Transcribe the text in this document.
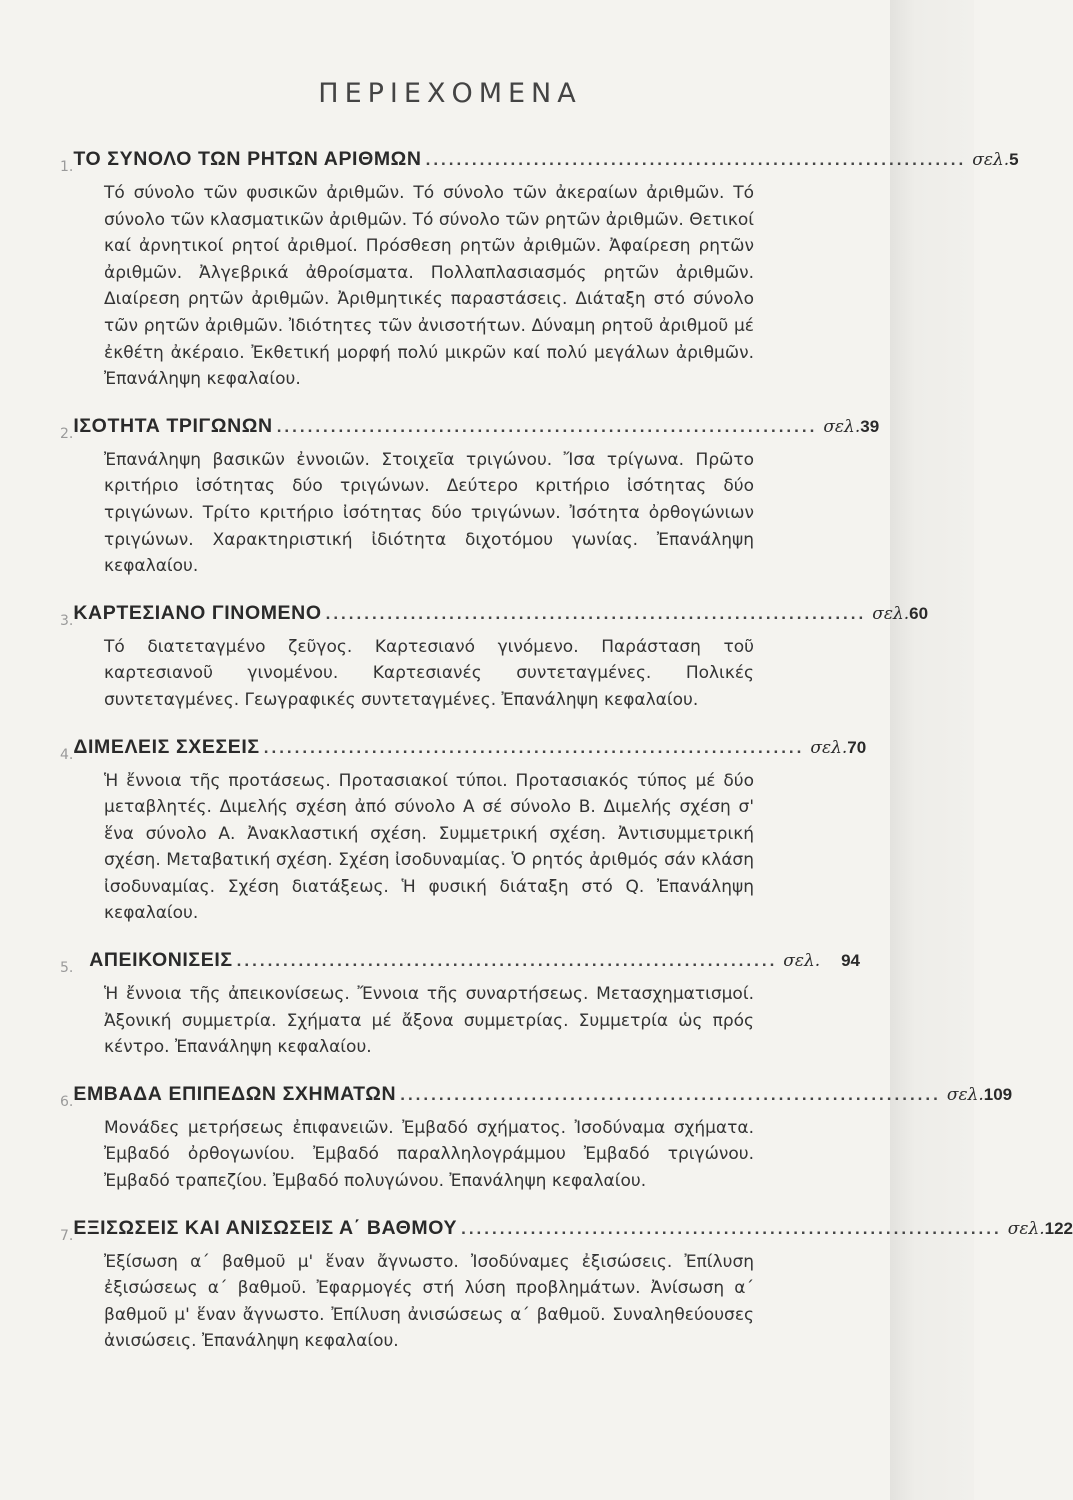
ΠΕΡΙΕΧΟΜΕΝΑ
1. ΤΟ ΣΥΝΟΛΟ ΤΩΝ ΡΗΤΩΝ ΑΡΙΘΜΩΝ ...................................................................... σελ. 5
Τό σύνολο τῶν φυσικῶν ἀριθμῶν. Τό σύνολο τῶν ἀκεραίων ἀριθμῶν. Τό σύνολο τῶν κλασματικῶν ἀριθμῶν. Τό σύνολο τῶν ρητῶν ἀριθμῶν. Θετικοί καί ἀρνητικοί ρητοί ἀριθμοί. Πρόσθεση ρητῶν ἀριθμῶν. Ἀφαίρεση ρητῶν ἀριθμῶν. Ἀλγεβρικά ἀθροίσματα. Πολλαπλασιασμός ρητῶν ἀριθμῶν. Διαίρεση ρητῶν ἀριθμῶν. Ἀριθμητικές παραστάσεις. Διάταξη στό σύνολο τῶν ρητῶν ἀριθμῶν. Ἰδιότητες τῶν ἀνισοτήτων. Δύναμη ρητοῦ ἀριθμοῦ μέ ἐκθέτη ἀκέραιο. Ἐκθετική μορφή πολύ μικρῶν καί πολύ μεγάλων ἀριθμῶν. Ἐπανάληψη κεφαλαίου.
2. ΙΣΟΤΗΤΑ ΤΡΙΓΩΝΩΝ ...................................................................... σελ. 39
Ἐπανάληψη βασικῶν ἐννοιῶν. Στοιχεῖα τριγώνου. Ἴσα τρίγωνα. Πρῶτο κριτήριο ἰσότητας δύο τριγώνων. Δεύτερο κριτήριο ἰσότητας δύο τριγώνων. Τρίτο κριτήριο ἰσότητας δύο τριγώνων. Ἰσότητα ὀρθογώνιων τριγώνων. Χαρακτηριστική ἰδιότητα διχοτόμου γωνίας. Ἐπανάληψη κεφαλαίου.
3. ΚΑΡΤΕΣΙΑΝΟ ΓΙΝΟΜΕΝΟ ...................................................................... σελ. 60
Τό διατεταγμένο ζεῦγος. Καρτεσιανό γινόμενο. Παράσταση τοῦ καρτεσιανοῦ γινομένου. Καρτεσιανές συντεταγμένες. Πολικές συντεταγμένες. Γεωγραφικές συντεταγμένες. Ἐπανάληψη κεφαλαίου.
4. ΔΙΜΕΛΕΙΣ ΣΧΕΣΕΙΣ ...................................................................... σελ. 70
Ἡ ἔννοια τῆς προτάσεως. Προτασιακοί τύποι. Προτασιακός τύπος μέ δύο μεταβλητές. Διμελής σχέση ἀπό σύνολο Α σέ σύνολο Β. Διμελής σχέση σ' ἕνα σύνολο Α. Ἀνακλαστική σχέση. Συμμετρική σχέση. Ἀντισυμμετρική σχέση. Μεταβατική σχέση. Σχέση ἰσοδυναμίας. Ὁ ρητός ἀριθμός σάν κλάση ἰσοδυναμίας. Σχέση διατάξεως. Ἡ φυσική διάταξη στό Q. Ἐπανάληψη κεφαλαίου.
5. ΑΠΕΙΚΟΝΙΣΕΙΣ ...................................................................... σελ.	94
Ἡ ἔννοια τῆς ἀπεικονίσεως. Ἔννοια τῆς συναρτήσεως. Μετασχηματισμοί. Ἀξονική συμμετρία. Σχήματα μέ ἄξονα συμμετρίας. Συμμετρία ὡς πρός κέντρο. Ἐπανάληψη κεφαλαίου.
6. ΕΜΒΑΔΑ ΕΠΙΠΕΔΩΝ ΣΧΗΜΑΤΩΝ ...................................................................... σελ. 109
Μονάδες μετρήσεως ἐπιφανειῶν. Ἐμβαδό σχήματος. Ἰσοδύναμα σχήματα. Ἐμβαδό ὀρθογωνίου. Ἐμβαδό παραλληλογράμμου Ἐμβαδό τριγώνου. Ἐμβαδό τραπεζίου. Ἐμβαδό πολυγώνου. Ἐπανάληψη κεφαλαίου.
7. ΕΞΙΣΩΣΕΙΣ ΚΑΙ ΑΝΙΣΩΣΕΙΣ Α΄ ΒΑΘΜΟΥ ...................................................................... σελ. 122
Ἐξίσωση α΄ βαθμοῦ μ' ἕναν ἄγνωστο. Ἰσοδύναμες ἐξισώσεις. Ἐπίλυση ἐξισώσεως α΄ βαθμοῦ. Ἐφαρμογές στή λύση προβλημάτων. Ἀνίσωση α΄ βαθμοῦ μ' ἕναν ἄγνωστο. Ἐπίλυση ἀνισώσεως α΄ βαθμοῦ. Συναληθεύουσες ἀνισώσεις. Ἐπανάληψη κεφαλαίου.
